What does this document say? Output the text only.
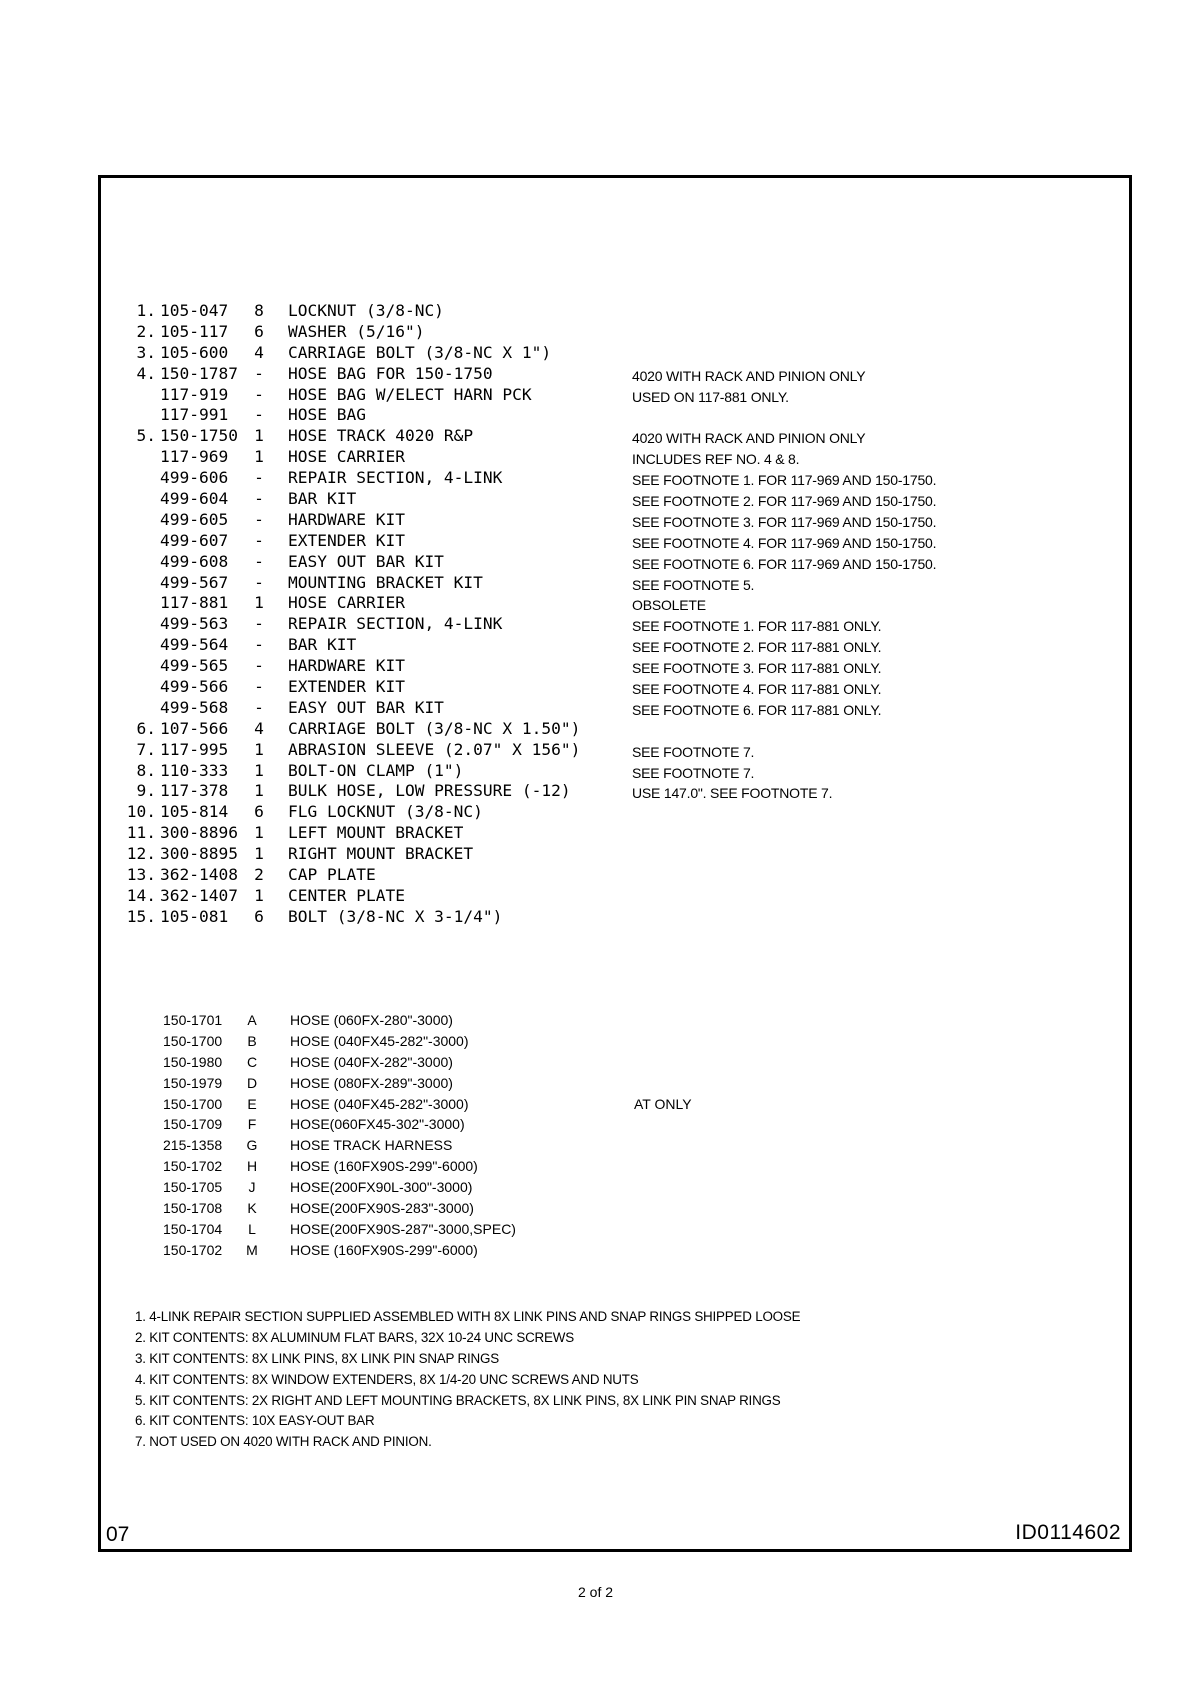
1. 105-047 8 LOCKNUT (3/8-NC)
2. 105-117 6 WASHER (5/16")
3. 105-600 4 CARRIAGE BOLT (3/8-NC X 1")
4. 150-1787 - HOSE BAG FOR 150-1750	4020 WITH RACK AND PINION ONLY
117-919 - HOSE BAG W/ELECT HARN PCK	USED ON 117-881 ONLY.
117-991 - HOSE BAG
5. 150-1750 1 HOSE TRACK 4020 R&P	4020 WITH RACK AND PINION ONLY
117-969 1 HOSE CARRIER	INCLUDES REF NO. 4 & 8.
499-606 - REPAIR SECTION, 4-LINK	SEE FOOTNOTE 1. FOR 117-969 AND 150-1750.
499-604 - BAR KIT	SEE FOOTNOTE 2. FOR 117-969 AND 150-1750.
499-605 - HARDWARE KIT	SEE FOOTNOTE 3. FOR 117-969 AND 150-1750.
499-607 - EXTENDER KIT	SEE FOOTNOTE 4. FOR 117-969 AND 150-1750.
499-608 - EASY OUT BAR KIT	SEE FOOTNOTE 6. FOR 117-969 AND 150-1750.
499-567 - MOUNTING BRACKET KIT	SEE FOOTNOTE 5.
117-881 1 HOSE CARRIER	OBSOLETE
499-563 - REPAIR SECTION, 4-LINK	SEE FOOTNOTE 1. FOR 117-881 ONLY.
499-564 - BAR KIT	SEE FOOTNOTE 2. FOR 117-881 ONLY.
499-565 - HARDWARE KIT	SEE FOOTNOTE 3. FOR 117-881 ONLY.
499-566 - EXTENDER KIT	SEE FOOTNOTE 4. FOR 117-881 ONLY.
499-568 - EASY OUT BAR KIT	SEE FOOTNOTE 6. FOR 117-881 ONLY.
6. 107-566 4 CARRIAGE BOLT (3/8-NC X 1.50")
7. 117-995 1 ABRASION SLEEVE (2.07" X 156")	SEE FOOTNOTE 7.
8. 110-333 1 BOLT-ON CLAMP (1")	SEE FOOTNOTE 7.
9. 117-378 1 BULK HOSE, LOW PRESSURE (-12)	USE 147.0". SEE FOOTNOTE 7.
10. 105-814 6 FLG LOCKNUT (3/8-NC)
11. 300-8896 1 LEFT MOUNT BRACKET
12. 300-8895 1 RIGHT MOUNT BRACKET
13. 362-1408 2 CAP PLATE
14. 362-1407 1 CENTER PLATE
15. 105-081 6 BOLT (3/8-NC X 3-1/4")
150-1701	A	HOSE (060FX-280"-3000)
150-1700	B	HOSE (040FX45-282"-3000)
150-1980 C HOSE (040FX-282"-3000)
150-1979 D HOSE (080FX-289"-3000)
150-1700	E	HOSE (040FX45-282"-3000)	AT ONLY
150-1709	F	HOSE(060FX45-302"-3000)
215-1358 G HOSE TRACK HARNESS
150-1702 H HOSE (160FX90S-299"-6000)
150-1705	J	HOSE(200FX90L-300"-3000)
150-1708	K	HOSE(200FX90S-283"-3000)
150-1704	L	HOSE(200FX90S-287"-3000,SPEC)
150-1702 M HOSE (160FX90S-299"-6000)
1. 4-LINK REPAIR SECTION SUPPLIED ASSEMBLED WITH 8X LINK PINS AND SNAP RINGS SHIPPED LOOSE
2. KIT CONTENTS: 8X ALUMINUM FLAT BARS, 32X 10-24 UNC SCREWS
3. KIT CONTENTS: 8X LINK PINS, 8X LINK PIN SNAP RINGS
4. KIT CONTENTS: 8X WINDOW EXTENDERS, 8X 1/4-20 UNC SCREWS AND NUTS
5. KIT CONTENTS: 2X RIGHT AND LEFT MOUNTING BRACKETS, 8X LINK PINS, 8X LINK PIN SNAP RINGS
6. KIT CONTENTS: 10X EASY-OUT BAR
7. NOT USED ON 4020 WITH RACK AND PINION.
07	ID0114602
2 of 2
